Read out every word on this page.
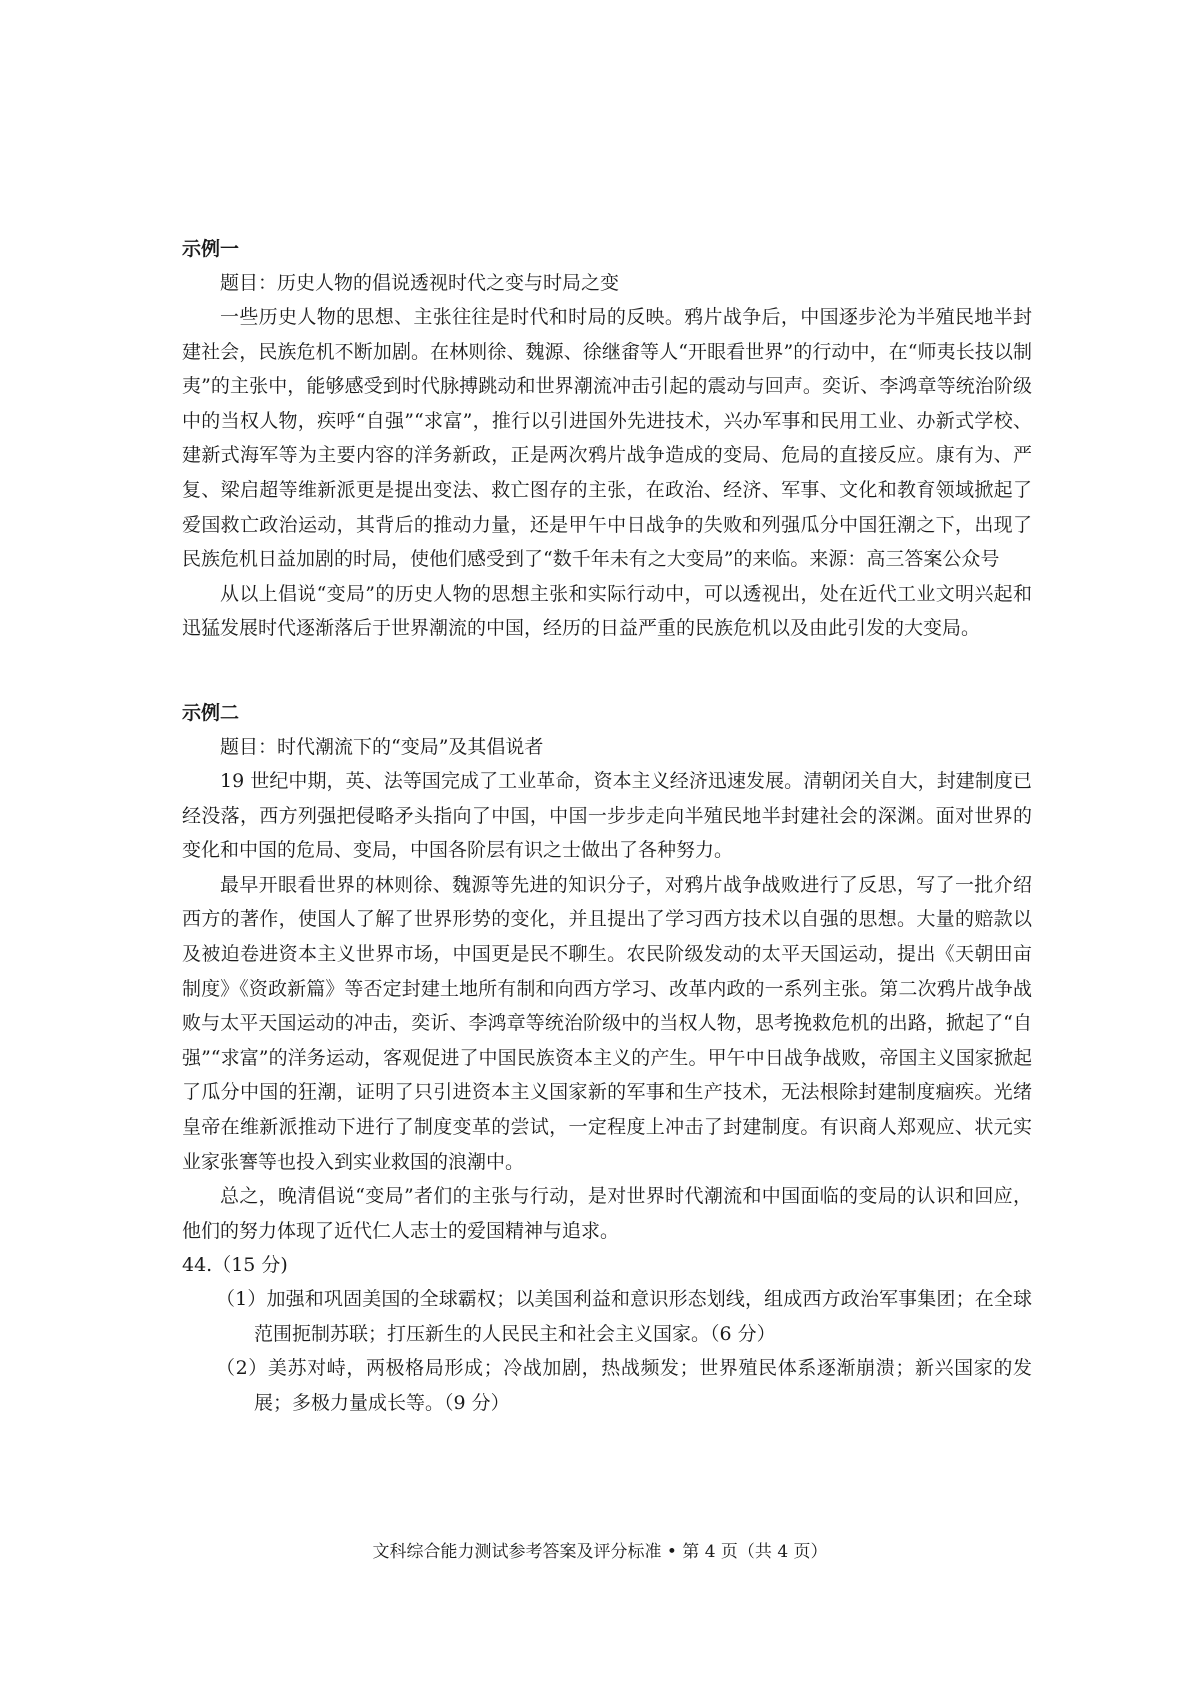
示例一

题目：历史人物的倡说透视时代之变与时局之变

一些历史人物的思想、主张往往是时代和时局的反映。鸦片战争后，中国逐步沦为半殖民地半封建社会，民族危机不断加剧。在林则徐、魏源、徐继畬等人“开眼看世界”的行动中，在“师夷长技以制夷”的主张中，能够感受到时代脉搏跳动和世界潮流冲击引起的震动与回声。奕䜣、李鸿章等统治阶级中的当权人物，疾呼“自强”“求富”，推行以引进国外先进技术，兴办军事和民用工业、办新式学校、建新式海军等为主要内容的洋务新政，正是两次鸦片战争造成的变局、危局的直接反应。康有为、严复、梁启超等维新派更是提出变法、救亡图存的主张，在政治、经济、军事、文化和教育领域掀起了爱国救亡政治运动，其背后的推动力量，还是甲午中日战争的失败和列强瓜分中国狂潮之下，出现了民族危机日益加剧的时局，使他们感受到了“数千年未有之大变局”的来临。来源：高三答案公众号

从以上倡说“变局”的历史人物的思想主张和实际行动中，可以透视出，处在近代工业文明兴起和迅猛发展时代逐渐落后于世界潮流的中国，经历的日益严重的民族危机以及由此引发的大变局。

示例二

题目：时代潮流下的“变局”及其倡说者

19 世纪中期，英、法等国完成了工业革命，资本主义经济迅速发展。清朝闭关自大，封建制度已经没落，西方列强把侵略矛头指向了中国，中国一步步走向半殖民地半封建社会的深渊。面对世界的变化和中国的危局、变局，中国各阶层有识之士做出了各种努力。

最早开眼看世界的林则徐、魏源等先进的知识分子，对鸦片战争战败进行了反思，写了一批介绍西方的著作，使国人了解了世界形势的变化，并且提出了学习西方技术以自强的思想。大量的赔款以及被迫卷进资本主义世界市场，中国更是民不聊生。农民阶级发动的太平天国运动，提出《天朝田亩制度》《资政新篇》等否定封建土地所有制和向西方学习、改革内政的一系列主张。第二次鸦片战争战败与太平天国运动的冲击，奕䜣、李鸿章等统治阶级中的当权人物，思考挽救危机的出路，掀起了“自强”“求富”的洋务运动，客观促进了中国民族资本主义的产生。甲午中日战争战败，帝国主义国家掀起了瓜分中国的狂潮，证明了只引进资本主义国家新的军事和生产技术，无法根除封建制度痼疾。光绪皇帝在维新派推动下进行了制度变革的尝试，一定程度上冲击了封建制度。有识商人郑观应、状元实业家张謇等也投入到实业救国的浪潮中。

总之，晚清倡说“变局”者们的主张与行动，是对世界时代潮流和中国面临的变局的认识和回应，他们的努力体现了近代仁人志士的爱国精神与追求。

44.（15 分)

（1）加强和巩固美国的全球霸权；以美国利益和意识形态划线，组成西方政治军事集团；在全球范围扼制苏联；打压新生的人民民主和社会主义国家。（6 分）

（2）美苏对峙，两极格局形成；冷战加剧，热战频发；世界殖民体系逐渐崩溃；新兴国家的发展；多极力量成长等。（9 分）

文科综合能力测试参考答案及评分标准 • 第 4 页（共 4 页）
